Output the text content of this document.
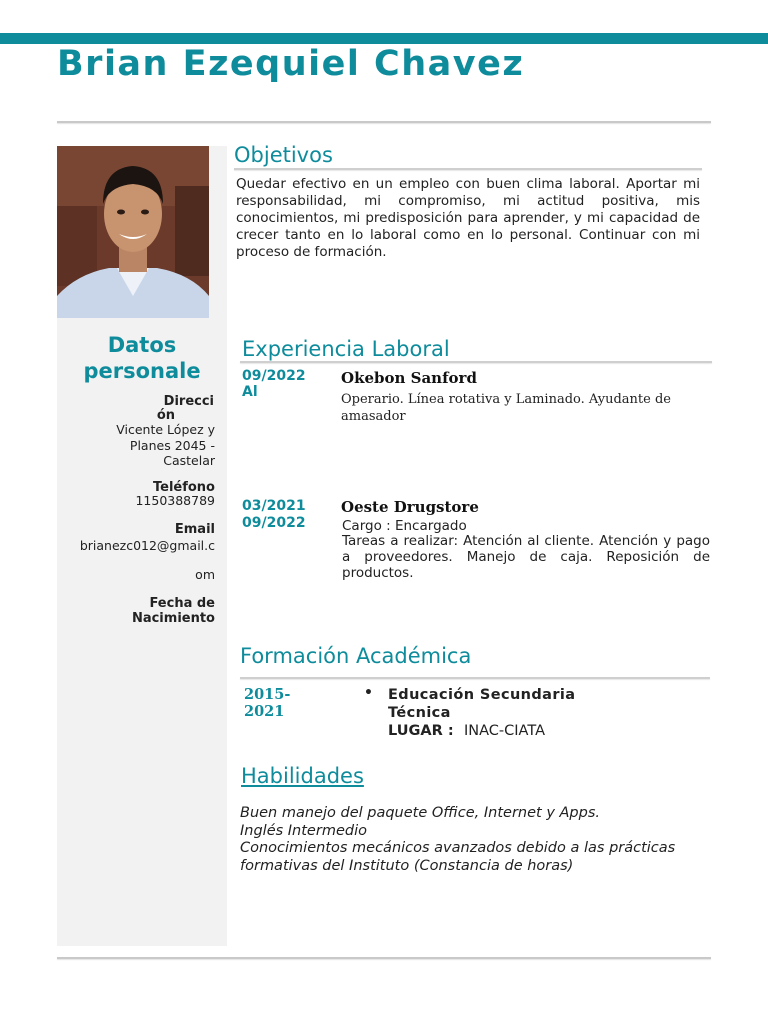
Brian Ezequiel Chavez
Datos personale
Direcci
ón
Vicente López y
Planes 2045 -
Castelar
Teléfono
1150388789
Email
brianezc012@gmail.c
om
Fecha de
Nacimiento
Objetivos
Quedar efectivo en un empleo con buen clima laboral. Aportar mi responsabilidad, mi compromiso, mi actitud positiva, mis conocimientos, mi predisposición para aprender, y mi capacidad de crecer tanto en lo laboral como en lo personal. Continuar con mi proceso de formación.
Experiencia Laboral
09/2022
Al
Okebon Sanford
Operario. Línea rotativa y Laminado. Ayudante de amasador
03/2021
09/2022
Oeste Drugstore
Cargo : Encargado
Tareas a realizar: Atención al cliente. Atención y pago a proveedores. Manejo de caja. Reposición de productos.
Formación Académica
2015-
2021
• Educación Secundaria
Técnica
LUGAR : INAC-CIATA
Habilidades
Buen manejo del paquete Office, Internet y Apps.
Inglés Intermedio
Conocimientos mecánicos avanzados debido a las prácticas formativas del Instituto (Constancia de horas)
